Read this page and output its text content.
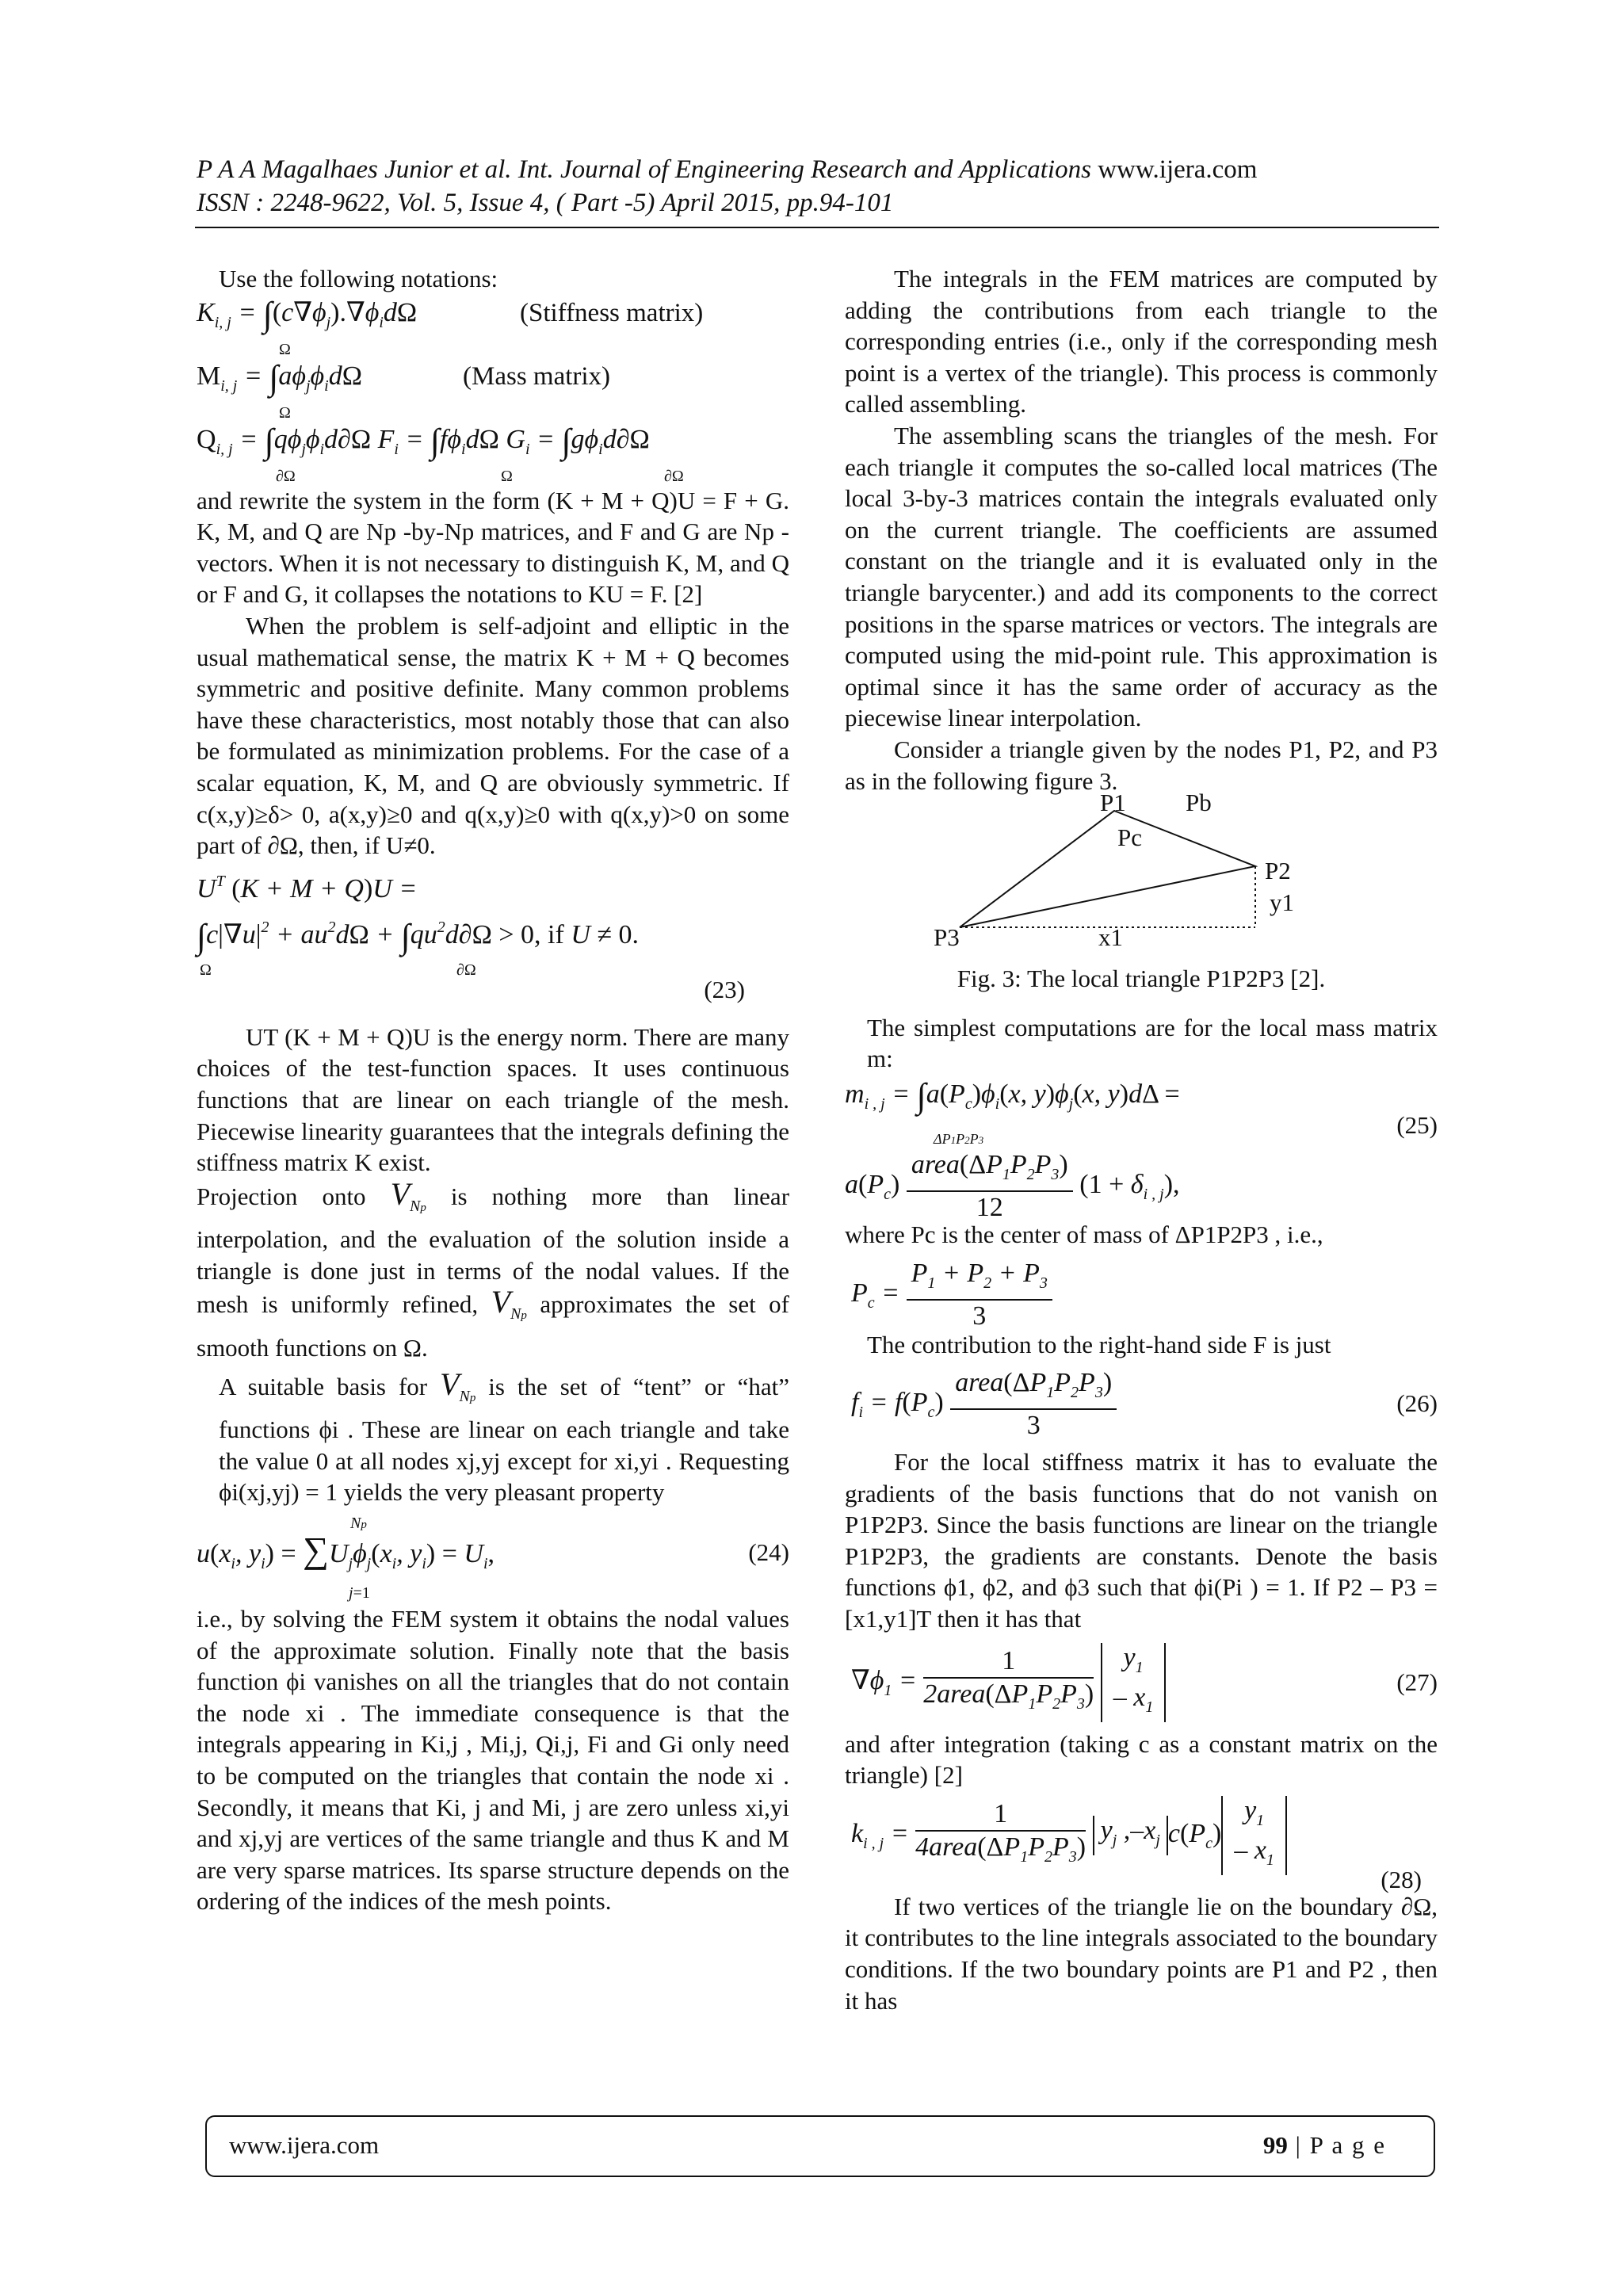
P A A Magalhaes Junior et al. Int. Journal of Engineering Research and Applications www.ijera.com
ISSN : 2248-9622, Vol. 5, Issue 4, ( Part -5) April 2015, pp.94-101

Use the following notations:

$K_{i, j} = \int(c\nabla\phi_j).\nabla\phi_id\Omega$	(Stiffness matrix)
Ω
$M_{i, j} = \int a\phi_j\phi_id\Omega$	(Mass matrix)
Ω
$Q_{i, j} = \int q\phi_j\phi_id\partial\Omega$ $F_i = \int f\phi_id\Omega$ $G_i = \int g\phi_id\partial\Omega$
∂Ω	Ω	∂Ω

and rewrite the system in the form (K + M + Q)U = F + G. K, M, and Q are Np -by-Np matrices, and F and G are Np -vectors. When it is not necessary to distinguish K, M, and Q or F and G, it collapses the notations to KU = F. [2]

When the problem is self-adjoint and elliptic in the usual mathematical sense, the matrix K + M + Q becomes symmetric and positive definite. Many common problems have these characteristics, most notably those that can also be formulated as minimization problems. For the case of a scalar equation, K, M, and Q are obviously symmetric. If c(x,y)≥δ> 0, a(x,y)≥0 and q(x,y)≥0 with q(x,y)>0 on some part of ∂Ω, then, if U≠0.

$U^T$ (K + M + Q)U =
$\int c|\nabla u|^2 + au^2d\Omega + \int qu^2d\partial\Omega > 0$, if U ≠ 0.
Ω	∂Ω
(23)

UT (K + M + Q)U is the energy norm. There are many choices of the test-function spaces. It uses continuous functions that are linear on each triangle of the mesh. Piecewise linearity guarantees that the integrals defining the stiffness matrix K exist.

Projection onto $V_{Np}$ is nothing more than linear interpolation, and the evaluation of the solution inside a triangle is done just in terms of the nodal values. If the mesh is uniformly refined, $V_{Np}$ approximates the set of smooth functions on Ω.

A suitable basis for $V_{Np}$ is the set of “tent” or “hat” functions ϕi . These are linear on each triangle and take the value 0 at all nodes xj,yj except for xi,yi . Requesting ϕi(xj,yj) = 1 yields the very pleasant property

Np
$u(x_i$, $y_i) = \sum U_j\phi_j(x_i$, $y_i) = U_i$,
j=1
(24)

i.e., by solving the FEM system it obtains the nodal values of the approximate solution. Finally note that the basis function ϕi vanishes on all the triangles that do not contain the node xi . The immediate consequence is that the integrals appearing in Ki,j , Mi,j, Qi,j, Fi and Gi only need to be computed on the triangles that contain the node xi . Secondly, it means that Ki, j and Mi, j are zero unless xi,yi and xj,yj are vertices of the same triangle and thus K and M are very sparse matrices. Its sparse structure depends on the ordering of the indices of the mesh points.

The integrals in the FEM matrices are computed by adding the contributions from each triangle to the corresponding entries (i.e., only if the corresponding mesh point is a vertex of the triangle). This process is commonly called assembling.

The assembling scans the triangles of the mesh. For each triangle it computes the so-called local matrices (The local 3-by-3 matrices contain the integrals evaluated only on the current triangle. The coefficients are assumed constant on the triangle and it is evaluated only in the triangle barycenter.) and add its components to the correct positions in the sparse matrices or vectors. The integrals are computed using the mid-point rule. This approximation is optimal since it has the same order of accuracy as the piecewise linear interpolation.

Consider a triangle given by the nodes P1, P2, and P3 as in the following figure 3.

P1 Pb
Pc
P2
y1
P3	x1

Fig. 3: The local triangle P1P2P3 [2].

The simplest computations are for the local mass matrix m:

$m_{i , j} = \int a(P_c)\phi_i(x$, $y)\phi_j(x$, y)dΔ =
ΔP1P2P3
(25)
$a(P_c) \frac{area(\Delta P_1P_2P_3)}{12} (1 + \delta_{i , j})$,

where Pc is the center of mass of ΔP1P2P3 , i.e.,

$P_c = \frac{P_1 + P_2 + P_3}{3}$

The contribution to the right-hand side F is just

$f_i = f(P_c) \frac{area(\Delta P_1P_2P_3)}{3}$	(26)

For the local stiffness matrix it has to evaluate the gradients of the basis functions that do not vanish on P1P2P3. Since the basis functions are linear on the triangle P1P2P3, the gradients are constants. Denote the basis functions ϕ1, ϕ2, and ϕ3 such that ϕi(Pi ) = 1. If P2 – P3 = [x1,y1]T then it has that

$\nabla\phi_1 = \frac{1}{2area(\Delta P_1P_2P_3)} y_1$
– $x_1$
(27)

and after integration (taking c as a constant matrix on the triangle) [2]

$k_{i , j} = \frac{1}{4area(\Delta P_1P_2P_3)} y_j$ $,-x_j$ $c(P_c)y_1$
– $x_1$
(28)

If two vertices of the triangle lie on the boundary ∂Ω, it contributes to the line integrals associated to the boundary conditions. If the two boundary points are P1 and P2 , then it has

www.ijera.com	99 | P a g e
